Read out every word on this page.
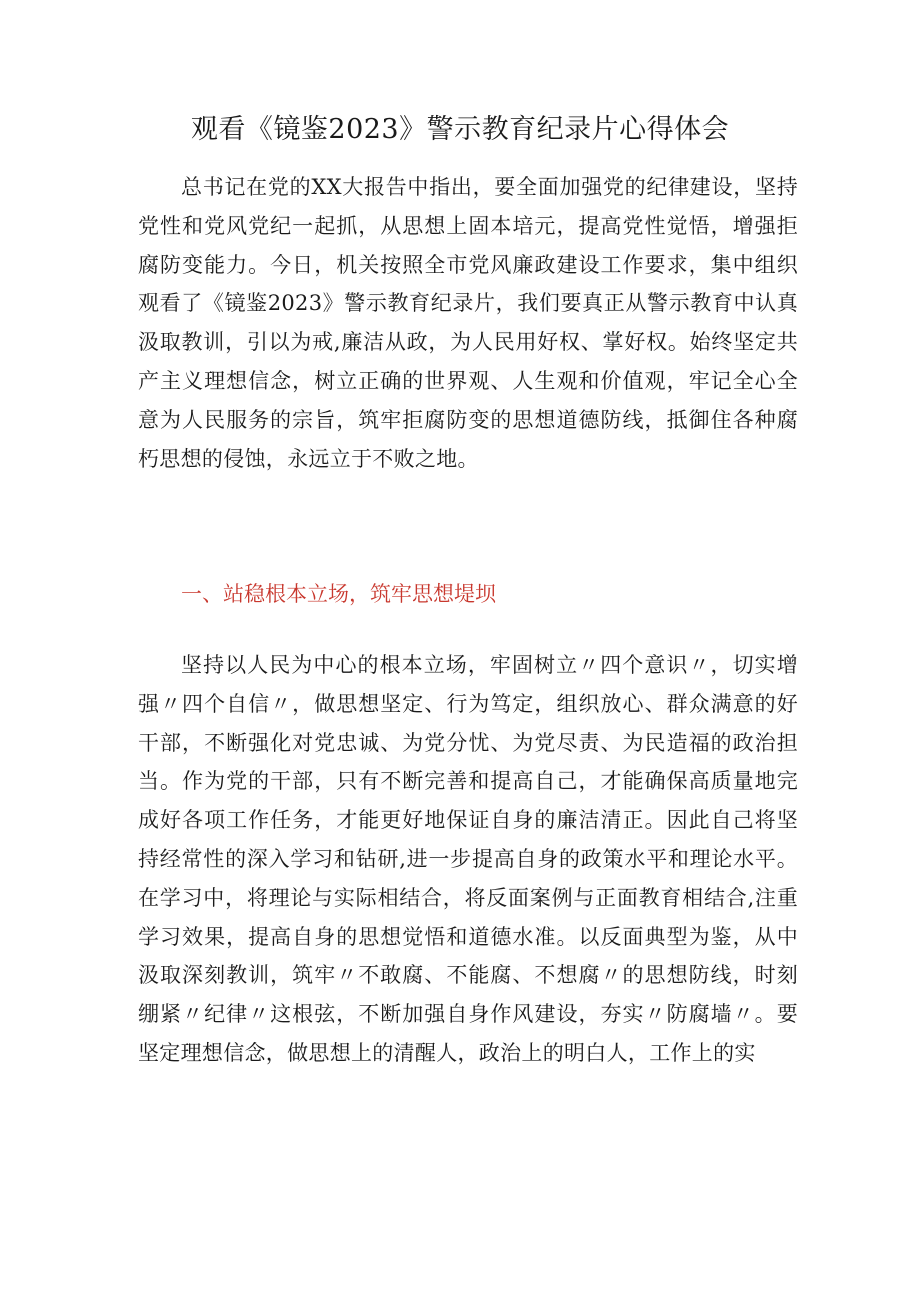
观看《镜鉴2023》警示教育纪录片心得体会

总书记在党的XX大报告中指出，要全面加强党的纪律建设，坚持党性和党风党纪一起抓，从思想上固本培元，提高党性觉悟，增强拒腐防变能力。今日，机关按照全市党风廉政建设工作要求，集中组织观看了《镜鉴2023》警示教育纪录片，我们要真正从警示教育中认真汲取教训，引以为戒,廉洁从政，为人民用好权、掌好权。始终坚定共产主义理想信念，树立正确的世界观、人生观和价值观，牢记全心全意为人民服务的宗旨，筑牢拒腐防变的思想道德防线，抵御住各种腐朽思想的侵蚀，永远立于不败之地。

一、站稳根本立场，筑牢思想堤坝

坚持以人民为中心的根本立场，牢固树立〃四个意识〃，切实增强〃四个自信〃，做思想坚定、行为笃定，组织放心、群众满意的好干部，不断强化对党忠诚、为党分忧、为党尽责、为民造福的政治担当。作为党的干部，只有不断完善和提高自己，才能确保高质量地完成好各项工作任务，才能更好地保证自身的廉洁清正。因此自己将坚持经常性的深入学习和钻研,进一步提高自身的政策水平和理论水平。在学习中，将理论与实际相结合，将反面案例与正面教育相结合,注重学习效果，提高自身的思想觉悟和道德水准。以反面典型为鉴，从中汲取深刻教训，筑牢〃不敢腐、不能腐、不想腐〃的思想防线，时刻绷紧〃纪律〃这根弦，不断加强自身作风建设，夯实〃防腐墙〃。要坚定理想信念，做思想上的清醒人，政治上的明白人，工作上的实
